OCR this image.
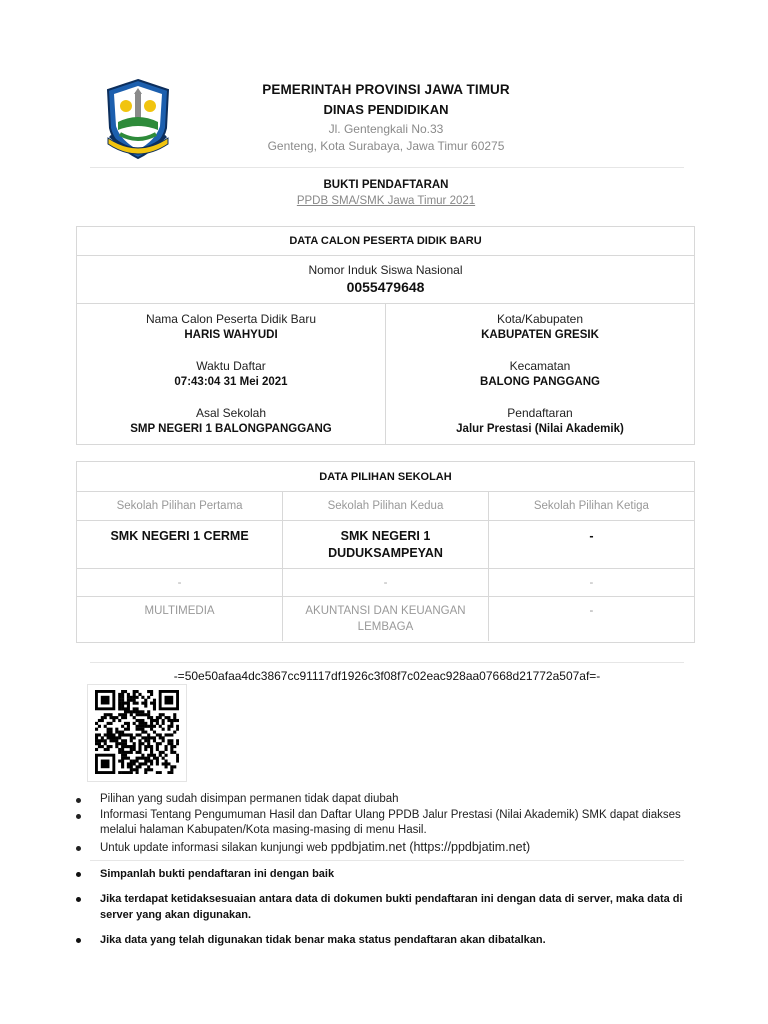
PEMERINTAH PROVINSI JAWA TIMUR
DINAS PENDIDIKAN
Jl. Gentengkali No.33
Genteng, Kota Surabaya, Jawa Timur 60275
BUKTI PENDAFTARAN
PPDB SMA/SMK Jawa Timur 2021
DATA CALON PESERTA DIDIK BARU
Nomor Induk Siswa Nasional
0055479648
Nama Calon Peserta Didik Baru
HARIS WAHYUDI
Waktu Daftar
07:43:04 31 Mei 2021
Asal Sekolah
SMP NEGERI 1 BALONGPANGGANG
Kota/Kabupaten
KABUPATEN GRESIK
Kecamatan
BALONG PANGGANG
Pendaftaran
Jalur Prestasi (Nilai Akademik)
DATA PILIHAN SEKOLAH
Sekolah Pilihan Pertama	Sekolah Pilihan Kedua	Sekolah Pilihan Ketiga
SMK NEGERI 1 CERME	SMK NEGERI 1 DUDUKSAMPEYAN	-
-	-	-
MULTIMEDIA	AKUNTANSI DAN KEUANGAN LEMBAGA	-
-=50e50afaa4dc3867cc91117df1926c3f08f7c02eac928aa07668d21772a507af=-
Pilihan yang sudah disimpan permanen tidak dapat diubah
Informasi Tentang Pengumuman Hasil dan Daftar Ulang PPDB Jalur Prestasi (Nilai Akademik) SMK dapat diakses melalui halaman Kabupaten/Kota masing-masing di menu Hasil.
Untuk update informasi silakan kunjungi web ppdbjatim.net (https://ppdbjatim.net)
Simpanlah bukti pendaftaran ini dengan baik
Jika terdapat ketidaksesuaian antara data di dokumen bukti pendaftaran ini dengan data di server, maka data di server yang akan digunakan.
Jika data yang telah digunakan tidak benar maka status pendaftaran akan dibatalkan.
